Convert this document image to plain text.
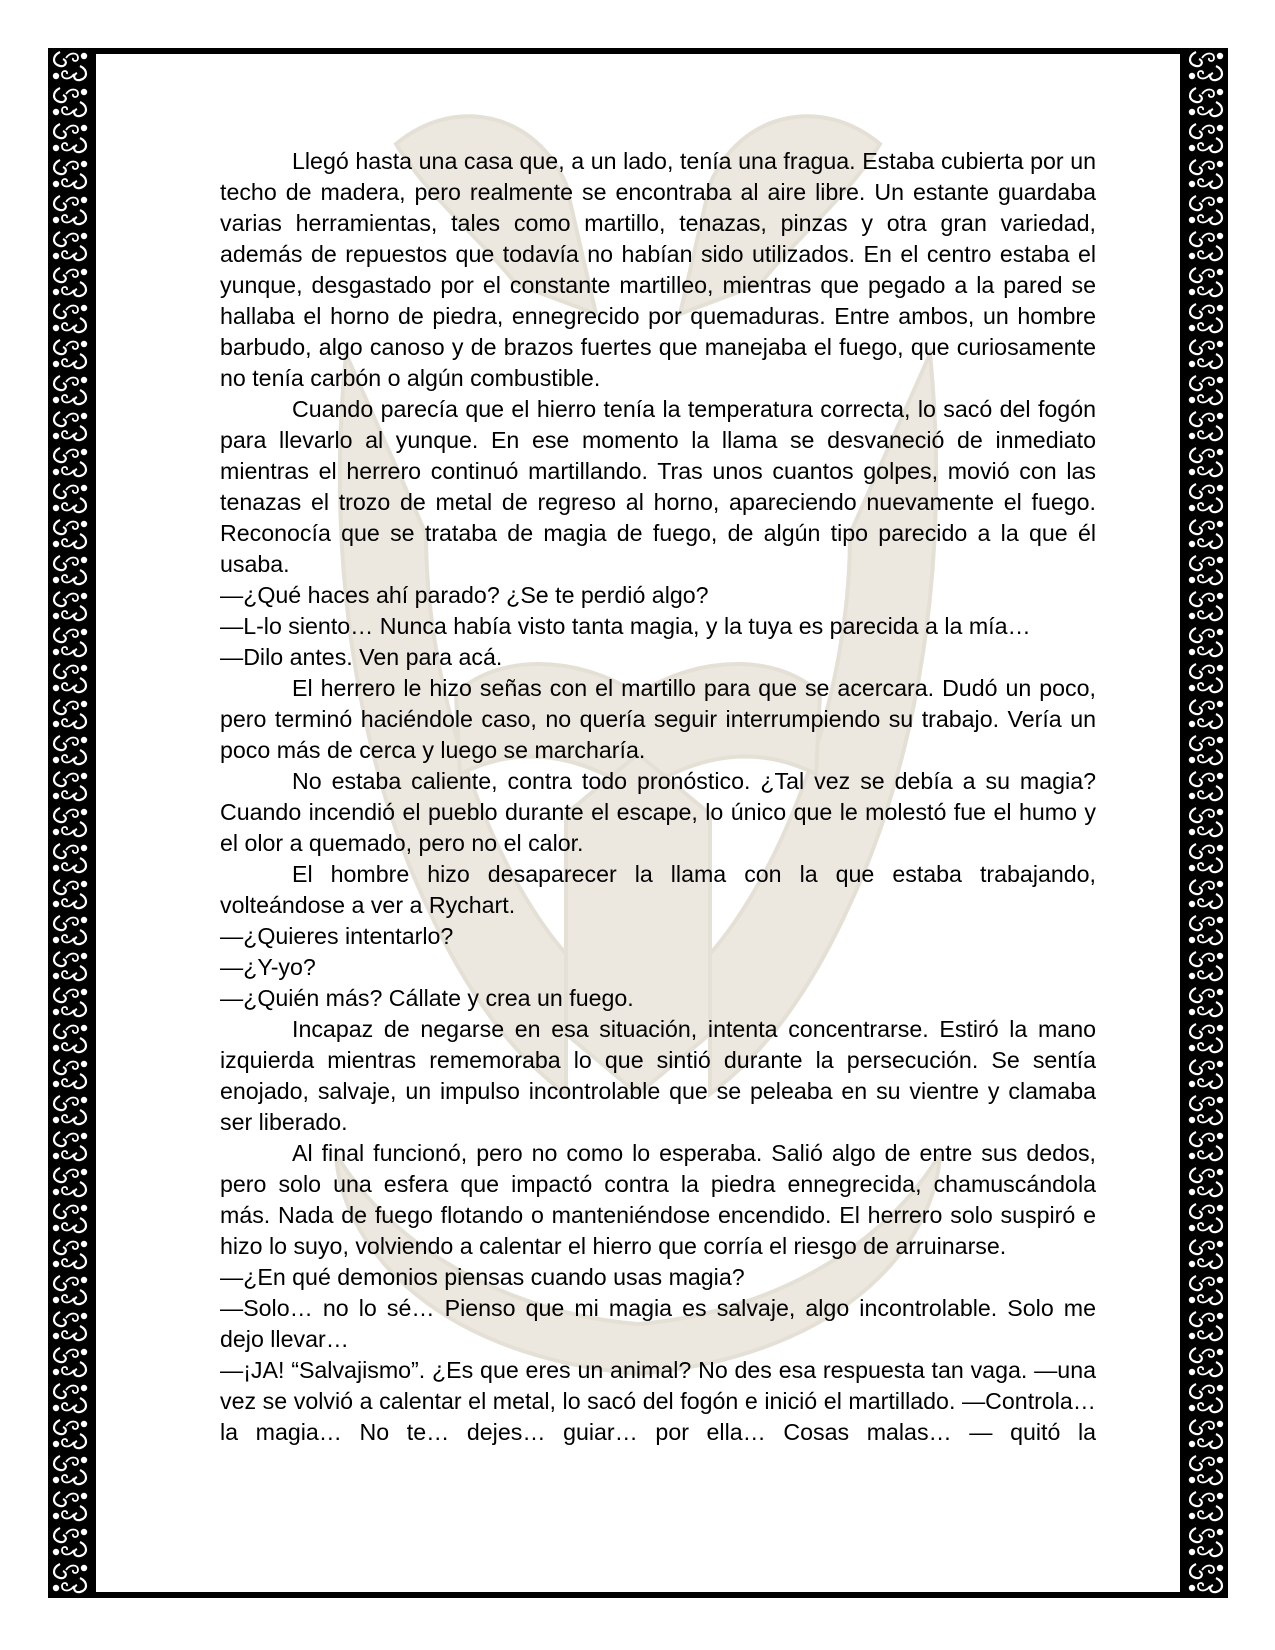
Llegó hasta una casa que, a un lado, tenía una fragua. Estaba cubierta por un techo de madera, pero realmente se encontraba al aire libre. Un estante guardaba varias herramientas, tales como martillo, tenazas, pinzas y otra gran variedad, además de repuestos que todavía no habían sido utilizados. En el centro estaba el yunque, desgastado por el constante martilleo, mientras que pegado a la pared se hallaba el horno de piedra, ennegrecido por quemaduras. Entre ambos, un hombre barbudo, algo canoso y de brazos fuertes que manejaba el fuego, que curiosamente no tenía carbón o algún combustible.

Cuando parecía que el hierro tenía la temperatura correcta, lo sacó del fogón para llevarlo al yunque. En ese momento la llama se desvaneció de inmediato mientras el herrero continuó martillando. Tras unos cuantos golpes, movió con las tenazas el trozo de metal de regreso al horno, apareciendo nuevamente el fuego. Reconocía que se trataba de magia de fuego, de algún tipo parecido a la que él usaba.

—¿Qué haces ahí parado? ¿Se te perdió algo?

—L-lo siento… Nunca había visto tanta magia, y la tuya es parecida a la mía…

—Dilo antes. Ven para acá.

El herrero le hizo señas con el martillo para que se acercara. Dudó un poco, pero terminó haciéndole caso, no quería seguir interrumpiendo su trabajo. Vería un poco más de cerca y luego se marcharía.

No estaba caliente, contra todo pronóstico. ¿Tal vez se debía a su magia? Cuando incendió el pueblo durante el escape, lo único que le molestó fue el humo y el olor a quemado, pero no el calor.

El hombre hizo desaparecer la llama con la que estaba trabajando, volteándose a ver a Rychart.

—¿Quieres intentarlo?

—¿Y-yo?

—¿Quién más? Cállate y crea un fuego.

Incapaz de negarse en esa situación, intenta concentrarse. Estiró la mano izquierda mientras rememoraba lo que sintió durante la persecución. Se sentía enojado, salvaje, un impulso incontrolable que se peleaba en su vientre y clamaba ser liberado.

Al final funcionó, pero no como lo esperaba. Salió algo de entre sus dedos, pero solo una esfera que impactó contra la piedra ennegrecida, chamuscándola más. Nada de fuego flotando o manteniéndose encendido. El herrero solo suspiró e hizo lo suyo, volviendo a calentar el hierro que corría el riesgo de arruinarse.

—¿En qué demonios piensas cuando usas magia?

—Solo… no lo sé… Pienso que mi magia es salvaje, algo incontrolable. Solo me dejo llevar…

—¡JA! “Salvajismo”. ¿Es que eres un animal? No des esa respuesta tan vaga. —una vez se volvió a calentar el metal, lo sacó del fogón e inició el martillado. —Controla… la magia… No te… dejes… guiar… por ella… Cosas malas… — quitó la
